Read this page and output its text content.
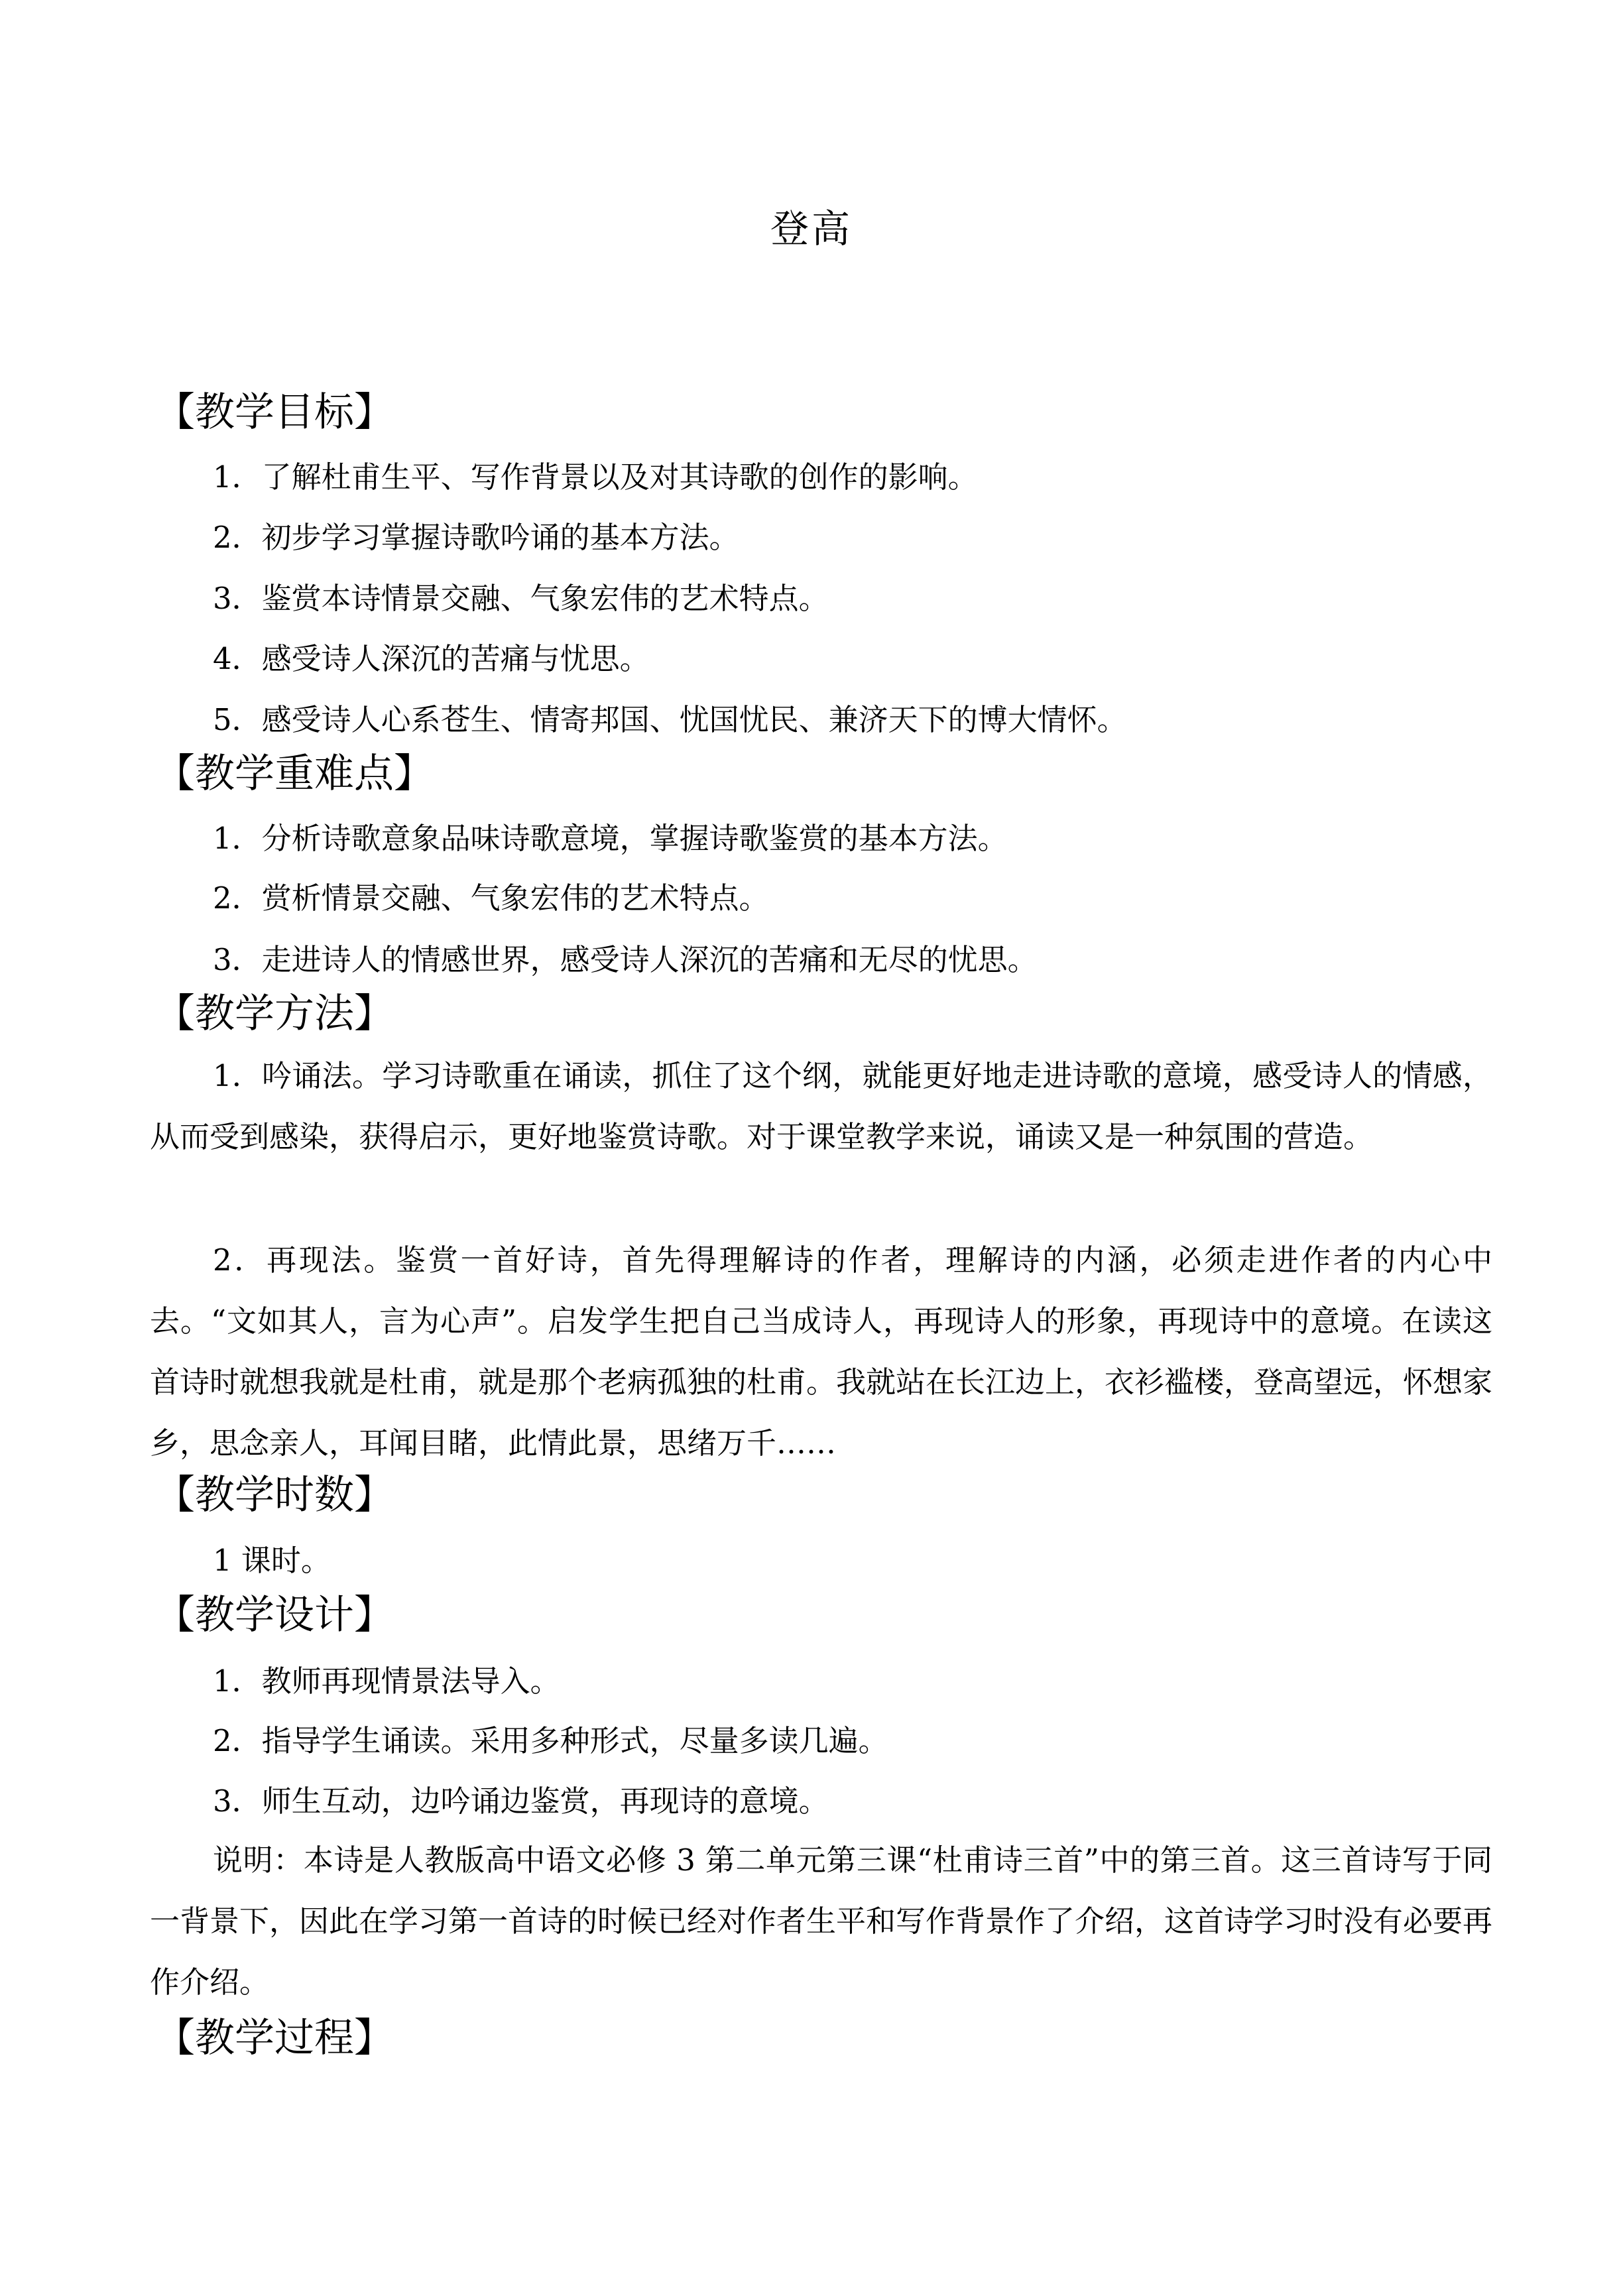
登高
【教学目标】
1．了解杜甫生平、写作背景以及对其诗歌的创作的影响。
2．初步学习掌握诗歌吟诵的基本方法。
3．鉴赏本诗情景交融、气象宏伟的艺术特点。
4．感受诗人深沉的苦痛与忧思。
5．感受诗人心系苍生、情寄邦国、忧国忧民、兼济天下的博大情怀。
【教学重难点】
1．分析诗歌意象品味诗歌意境，掌握诗歌鉴赏的基本方法。
2．赏析情景交融、气象宏伟的艺术特点。
3．走进诗人的情感世界，感受诗人深沉的苦痛和无尽的忧思。
【教学方法】
1．吟诵法。学习诗歌重在诵读，抓住了这个纲，就能更好地走进诗歌的意境，感受诗人的情感，从而受到感染，获得启示，更好地鉴赏诗歌。对于课堂教学来说，诵读又是一种氛围的营造。
2．再现法。鉴赏一首好诗，首先得理解诗的作者，理解诗的内涵，必须走进作者的内心中去。“文如其人，言为心声”。启发学生把自己当成诗人，再现诗人的形象，再现诗中的意境。在读这首诗时就想我就是杜甫，就是那个老病孤独的杜甫。我就站在长江边上，衣衫褴楼，登高望远，怀想家乡，思念亲人，耳闻目睹，此情此景，思绪万千……
【教学时数】
1 课时。
【教学设计】
1．教师再现情景法导入。
2．指导学生诵读。采用多种形式，尽量多读几遍。
3．师生互动，边吟诵边鉴赏，再现诗的意境。
说明：本诗是人教版高中语文必修 3 第二单元第三课“杜甫诗三首”中的第三首。这三首诗写于同一背景下，因此在学习第一首诗的时候已经对作者生平和写作背景作了介绍，这首诗学习时没有必要再作介绍。
【教学过程】
